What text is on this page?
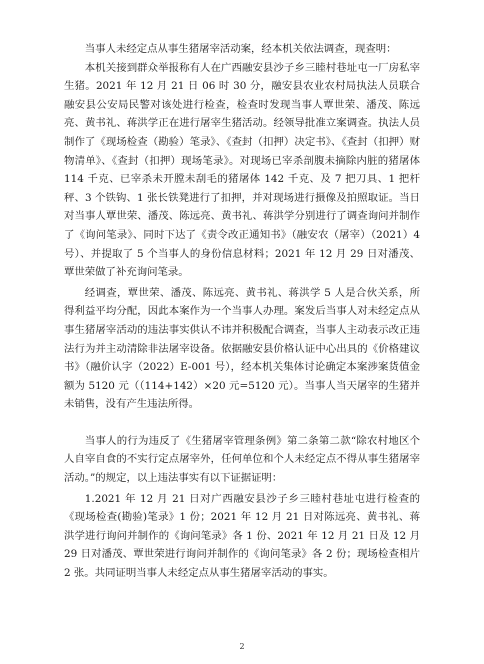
当事人未经定点从事生猪屠宰活动案，经本机关依法调查，现查明：

本机关接到群众举报称有人在广西融安县沙子乡三睦村巷址屯一厂房私宰生猪。2021 年 12 月 21 日 06 时 30 分，融安县农业农村局执法人员联合融安县公安局民警对该处进行检查，检查时发现当事人覃世荣、潘茂、陈远亮、黄书礼、蒋洪学正在进行屠宰生猪活动。经领导批准立案调查。执法人员制作了《现场检查（勘验）笔录》、《查封（扣押）决定书》、《查封（扣押）财物清单》、《查封（扣押）现场笔录》。对现场已宰杀剖腹未摘除内脏的猪屠体 114 千克、已宰杀未开膛未刮毛的猪屠体 142 千克、及 7 把刀具、1 把杆秤、3 个铁钩、1 张长铁凳进行了扣押，并对现场进行摄像及拍照取证。当日对当事人覃世荣、潘茂、陈远亮、黄书礼、蒋洪学分别进行了调查询问并制作了《询问笔录》、同时下达了《责令改正通知书》（融安农（屠宰）（2021）4 号）、并提取了 5 个当事人的身份信息材料；2021 年 12 月 29 日对潘茂、覃世荣做了补充询问笔录。

经调查，覃世荣、潘茂、陈远亮、黄书礼、蒋洪学 5 人是合伙关系，所得利益平均分配，因此本案作为一个当事人办理。案发后当事人对未经定点从事生猪屠宰活动的违法事实供认不讳并积极配合调查，当事人主动表示改正违法行为并主动清除非法屠宰设备。依据融安县价格认证中心出具的《价格建议书》（融价认字（2022）E-001 号），经本机关集体讨论确定本案涉案货值金额为 5120 元（（114+142）×20 元=5120 元）。当事人当天屠宰的生猪并未销售，没有产生违法所得。

当事人的行为违反了《生猪屠宰管理条例》第二条第二款“除农村地区个人自宰自食的不实行定点屠宰外，任何单位和个人未经定点不得从事生猪屠宰活动。”的规定，以上违法事实有以下证据证明：

1.2021 年 12 月 21 日对广西融安县沙子乡三睦村巷址屯进行检查的《现场检查(勘验)笔录》1 份；2021 年 12 月 21 日对陈远亮、黄书礼、蒋洪学进行询问并制作的《询问笔录》各 1 份、2021 年 12 月 21 日及 12 月 29 日对潘茂、覃世荣进行询问并制作的《询问笔录》各 2 份；现场检查相片 2 张。共同证明当事人未经定点从事生猪屠宰活动的事实。

2
